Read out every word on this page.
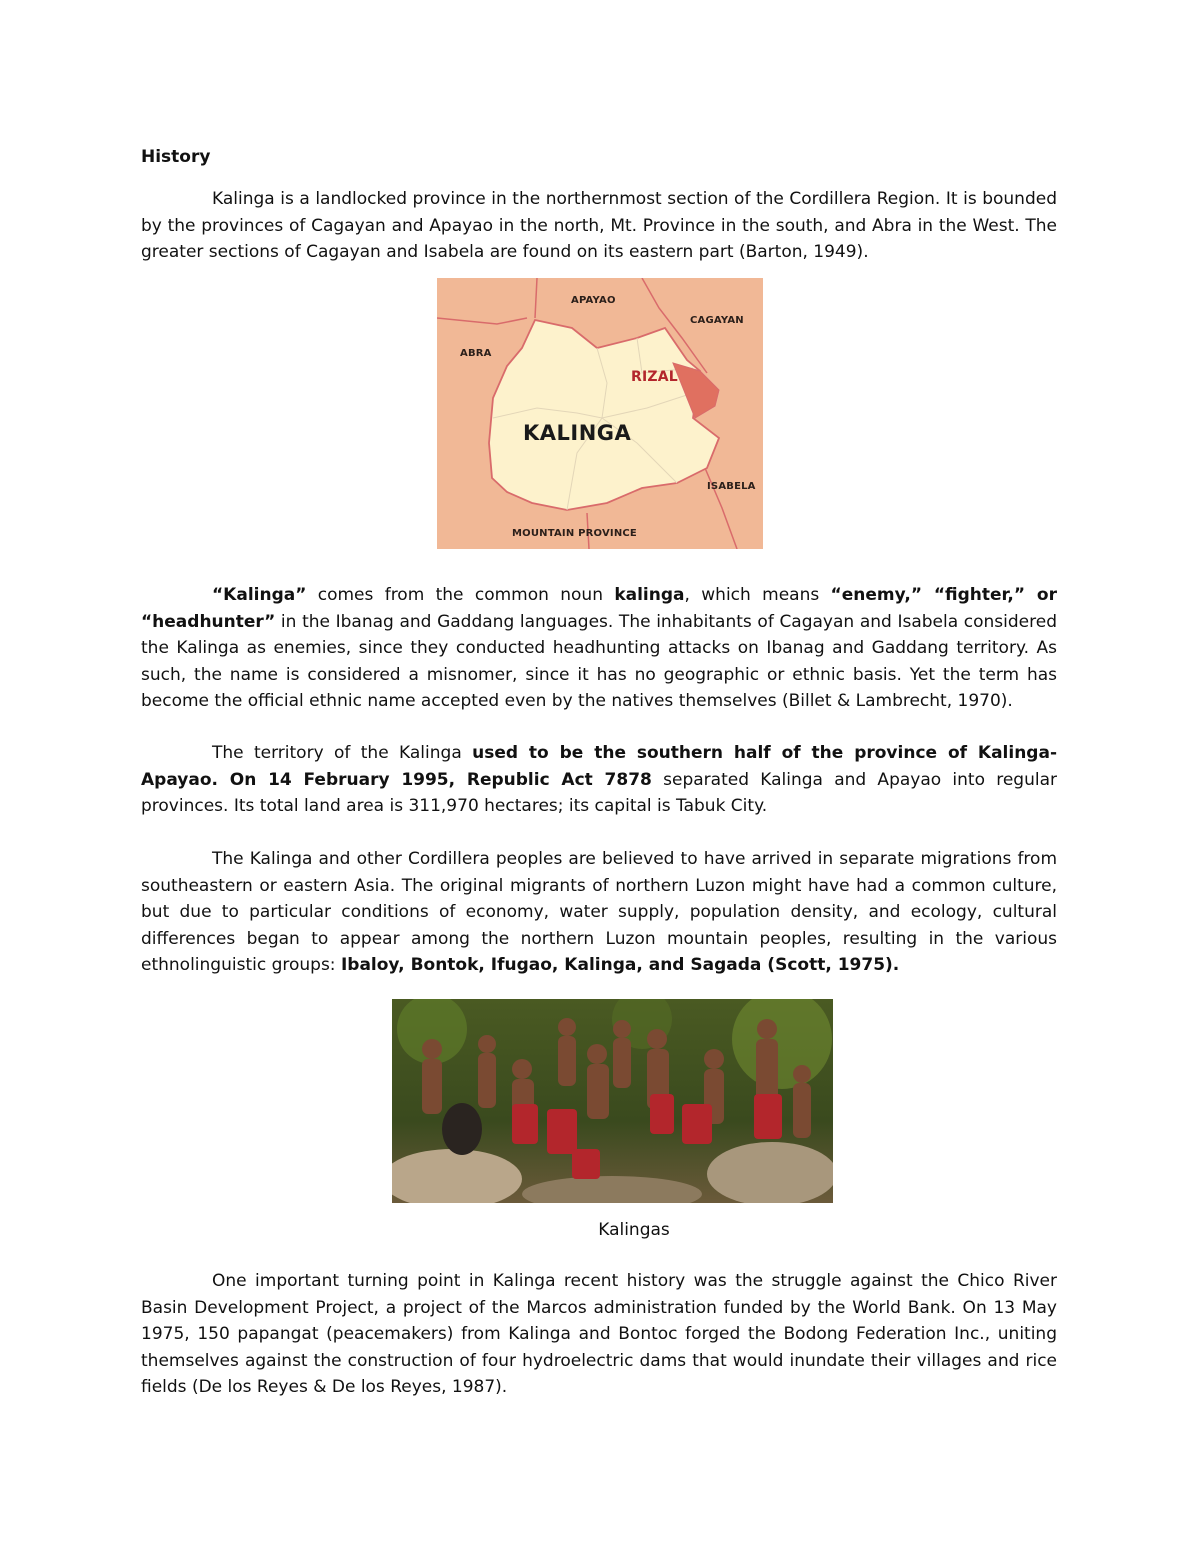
History

Kalinga is a landlocked province in the northernmost section of the Cordillera Region. It is bounded by the provinces of Cagayan and Apayao in the north, Mt. Province in the south, and Abra in the West. The greater sections of Cagayan and Isabela are found on its eastern part (Barton, 1949).

APAYAO
CAGAYAN
ABRA
RIZAL
KALINGA
ISABELA
MOUNTAIN PROVINCE

“Kalinga” comes from the common noun kalinga, which means “enemy,” “fighter,” or “headhunter” in the Ibanag and Gaddang languages. The inhabitants of Cagayan and Isabela considered the Kalinga as enemies, since they conducted headhunting attacks on Ibanag and Gaddang territory. As such, the name is considered a misnomer, since it has no geographic or ethnic basis. Yet the term has become the official ethnic name accepted even by the natives themselves (Billet & Lambrecht, 1970).

The territory of the Kalinga used to be the southern half of the province of Kalinga-Apayao. On 14 February 1995, Republic Act 7878 separated Kalinga and Apayao into regular provinces. Its total land area is 311,970 hectares; its capital is Tabuk City.

The Kalinga and other Cordillera peoples are believed to have arrived in separate migrations from southeastern or eastern Asia. The original migrants of northern Luzon might have had a common culture, but due to particular conditions of economy, water supply, population density, and ecology, cultural differences began to appear among the northern Luzon mountain peoples, resulting in the various ethnolinguistic groups: Ibaloy, Bontok, Ifugao, Kalinga, and Sagada (Scott, 1975).

Kalingas

One important turning point in Kalinga recent history was the struggle against the Chico River Basin Development Project, a project of the Marcos administration funded by the World Bank. On 13 May 1975, 150 papangat (peacemakers) from Kalinga and Bontoc forged the Bodong Federation Inc., uniting themselves against the construction of four hydroelectric dams that would inundate their villages and rice fields (De los Reyes & De los Reyes, 1987).
